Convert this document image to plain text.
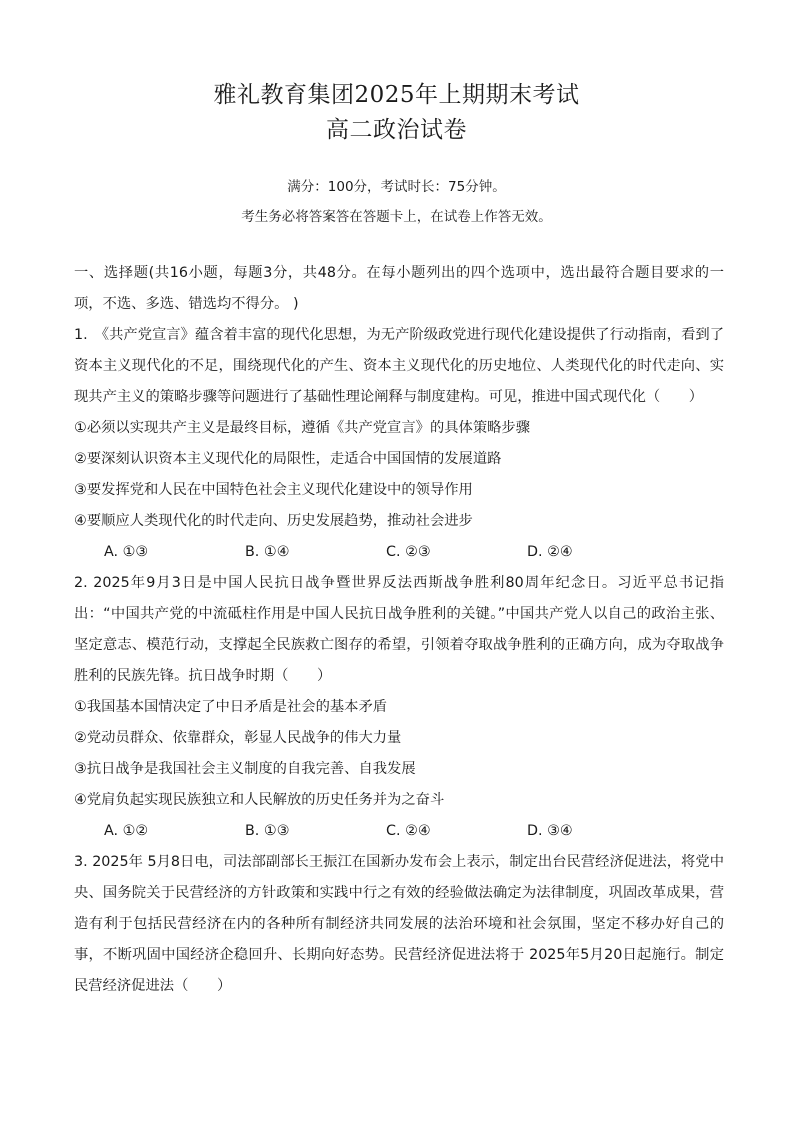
雅礼教育集团2025年上期期末考试
高二政治试卷
满分：100分，考试时长：75分钟。
考生务必将答案答在答题卡上，在试卷上作答无效。

一、选择题(共16小题，每题3分，共48分。在每小题列出的四个选项中，选出最符合题目要求的一项，不选、多选、错选均不得分。 )

1.　《共产党宣言》蕴含着丰富的现代化思想，为无产阶级政党进行现代化建设提供了行动指南，看到了资本主义现代化的不足，围绕现代化的产生、资本主义现代化的历史地位、人类现代化的时代走向、实现共产主义的策略步骤等问题进行了基础性理论阐释与制度建构。可见，推进中国式现代化（　　）

①必须以实现共产主义是最终目标，遵循《共产党宣言》的具体策略步骤

②要深刻认识资本主义现代化的局限性，走适合中国国情的发展道路

③要发挥党和人民在中国特色社会主义现代化建设中的领导作用

④要顺应人类现代化的时代走向、历史发展趋势，推动社会进步

A. ①③	B. ①④	C. ②③	D. ②④

2. 2025年9月3日是中国人民抗日战争暨世界反法西斯战争胜利80周年纪念日。习近平总书记指出：“中国共产党的中流砥柱作用是中国人民抗日战争胜利的关键。”中国共产党人以自己的政治主张、坚定意志、模范行动，支撑起全民族救亡图存的希望，引领着夺取战争胜利的正确方向，成为夺取战争胜利的民族先锋。抗日战争时期（　　）

①我国基本国情决定了中日矛盾是社会的基本矛盾

②党动员群众、依靠群众，彰显人民战争的伟大力量

③抗日战争是我国社会主义制度的自我完善、自我发展

④党肩负起实现民族独立和人民解放的历史任务并为之奋斗

A. ①②	B. ①③	C. ②④	D. ③④

3. 2025年 5月8日电，司法部副部长王振江在国新办发布会上表示，制定出台民营经济促进法，将党中央、国务院关于民营经济的方针政策和实践中行之有效的经验做法确定为法律制度，巩固改革成果，营造有利于包括民营经济在内的各种所有制经济共同发展的法治环境和社会氛围，坚定不移办好自己的事，不断巩固中国经济企稳回升、长期向好态势。民营经济促进法将于 2025年5月20日起施行。制定民营经济促进法（　　）
